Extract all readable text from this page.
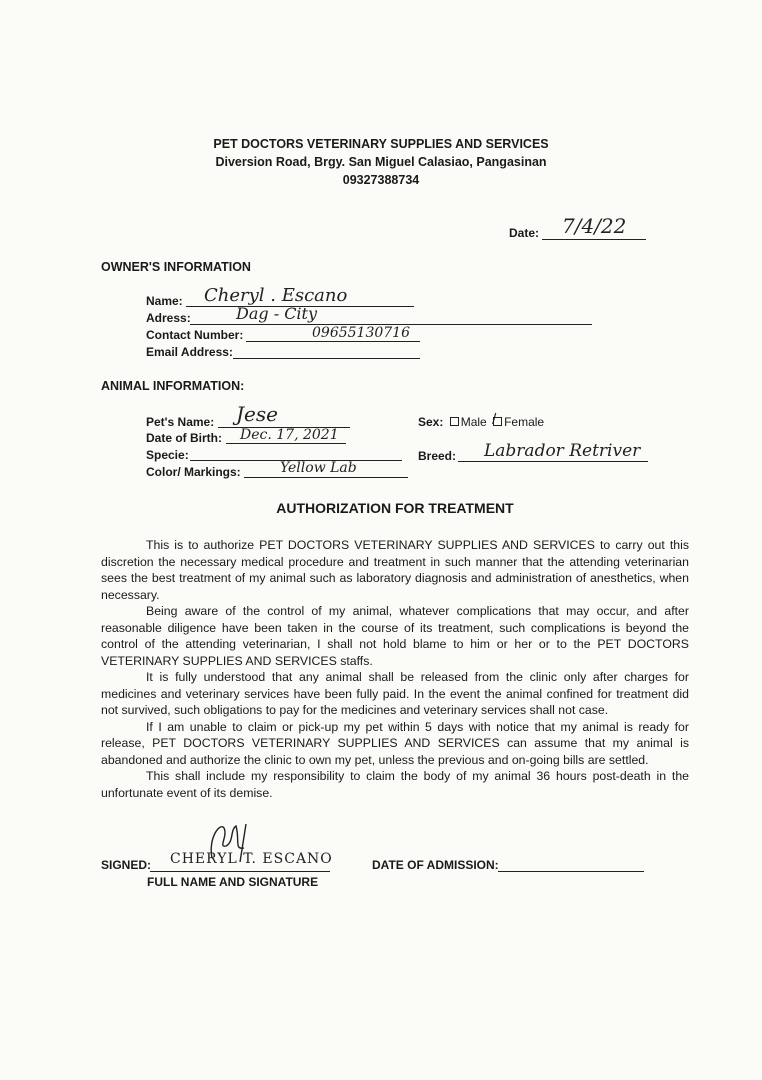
PET DOCTORS VETERINARY SUPPLIES AND SERVICES
Diversion Road, Brgy. San Miguel Calasiao, Pangasinan
09327388734
Date: 7/4/22
OWNER'S INFORMATION
Name: Cheryl . Escano
Adress:	Dag - City
Contact Number:	09655130716
Email Address:
ANIMAL INFORMATION:
Pet's Name: Jese
Date of Birth: Dec. 17, 2021
Specie:
Color/ Markings:	Yellow Lab
Sex: Male / Female
Breed: Labrador Retriver
AUTHORIZATION FOR TREATMENT

This is to authorize PET DOCTORS VETERINARY SUPPLIES AND SERVICES to carry out this discretion the necessary medical procedure and treatment in such manner that the attending veterinarian sees the best treatment of my animal such as laboratory diagnosis and administration of anesthetics, when necessary.

Being aware of the control of my animal, whatever complications that may occur, and after reasonable diligence have been taken in the course of its treatment, such complications is beyond the control of the attending veterinarian, I shall not hold blame to him or her or to the PET DOCTORS VETERINARY SUPPLIES AND SERVICES staffs.

It is fully understood that any animal shall be released from the clinic only after charges for medicines and veterinary services have been fully paid. In the event the animal confined for treatment did not survived, such obligations to pay for the medicines and veterinary services shall not case.

If I am unable to claim or pick-up my pet within 5 days with notice that my animal is ready for release, PET DOCTORS VETERINARY SUPPLIES AND SERVICES can assume that my animal is abandoned and authorize the clinic to own my pet, unless the previous and on-going bills are settled.

This shall include my responsibility to claim the body of my animal 36 hours post-death in the unfortunate event of its demise.

SIGNED: CHERYL T. ESCANO
FULL NAME AND SIGNATURE
DATE OF ADMISSION:
